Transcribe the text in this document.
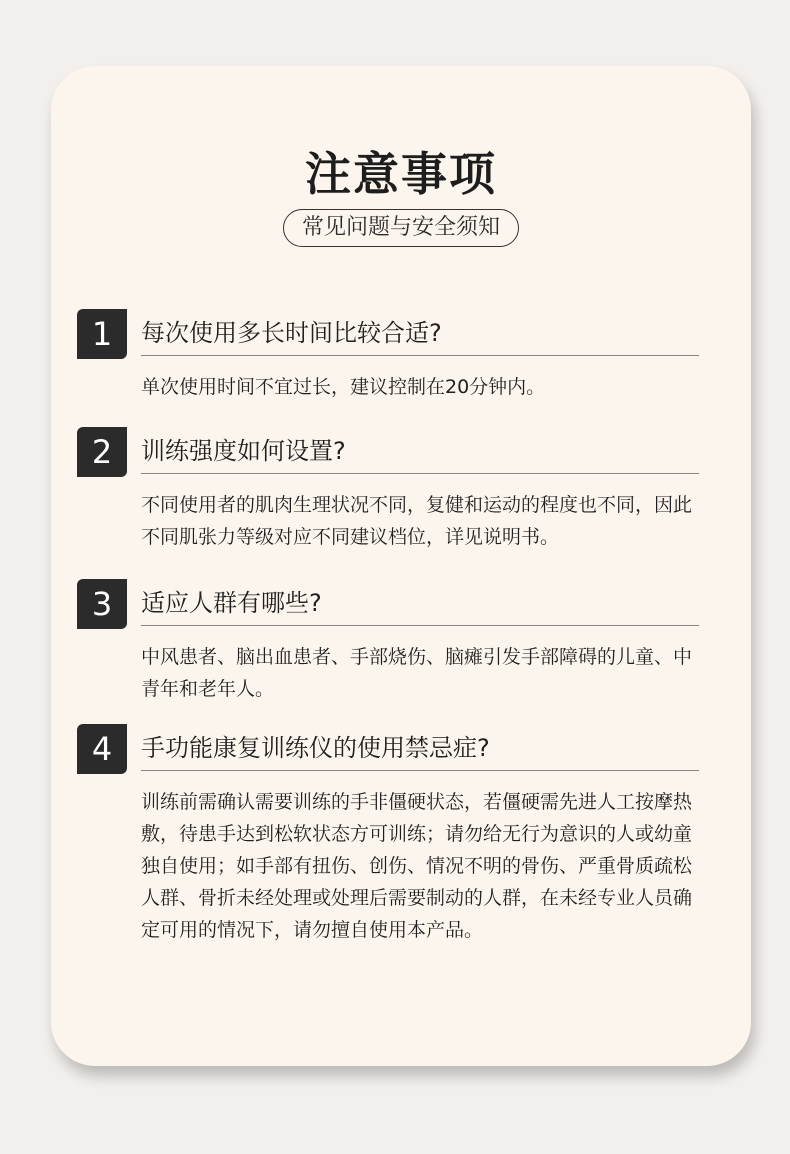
注意事项
常见问题与安全须知
1	每次使用多长时间比较合适?

单次使用时间不宜过长，建议控制在20分钟内。

2	训练强度如何设置?

不同使用者的肌肉生理状况不同，复健和运动的程度也不同，因此不同肌张力等级对应不同建议档位，详见说明书。

3	适应人群有哪些?

中风患者、脑出血患者、手部烧伤、脑瘫引发手部障碍的儿童、中青年和老年人。

4	手功能康复训练仪的使用禁忌症?

训练前需确认需要训练的手非僵硬状态，若僵硬需先进人工按摩热敷，待患手达到松软状态方可训练；请勿给无行为意识的人或幼童独自使用；如手部有扭伤、创伤、情况不明的骨伤、严重骨质疏松人群、骨折未经处理或处理后需要制动的人群，在未经专业人员确定可用的情况下，请勿擅自使用本产品。
